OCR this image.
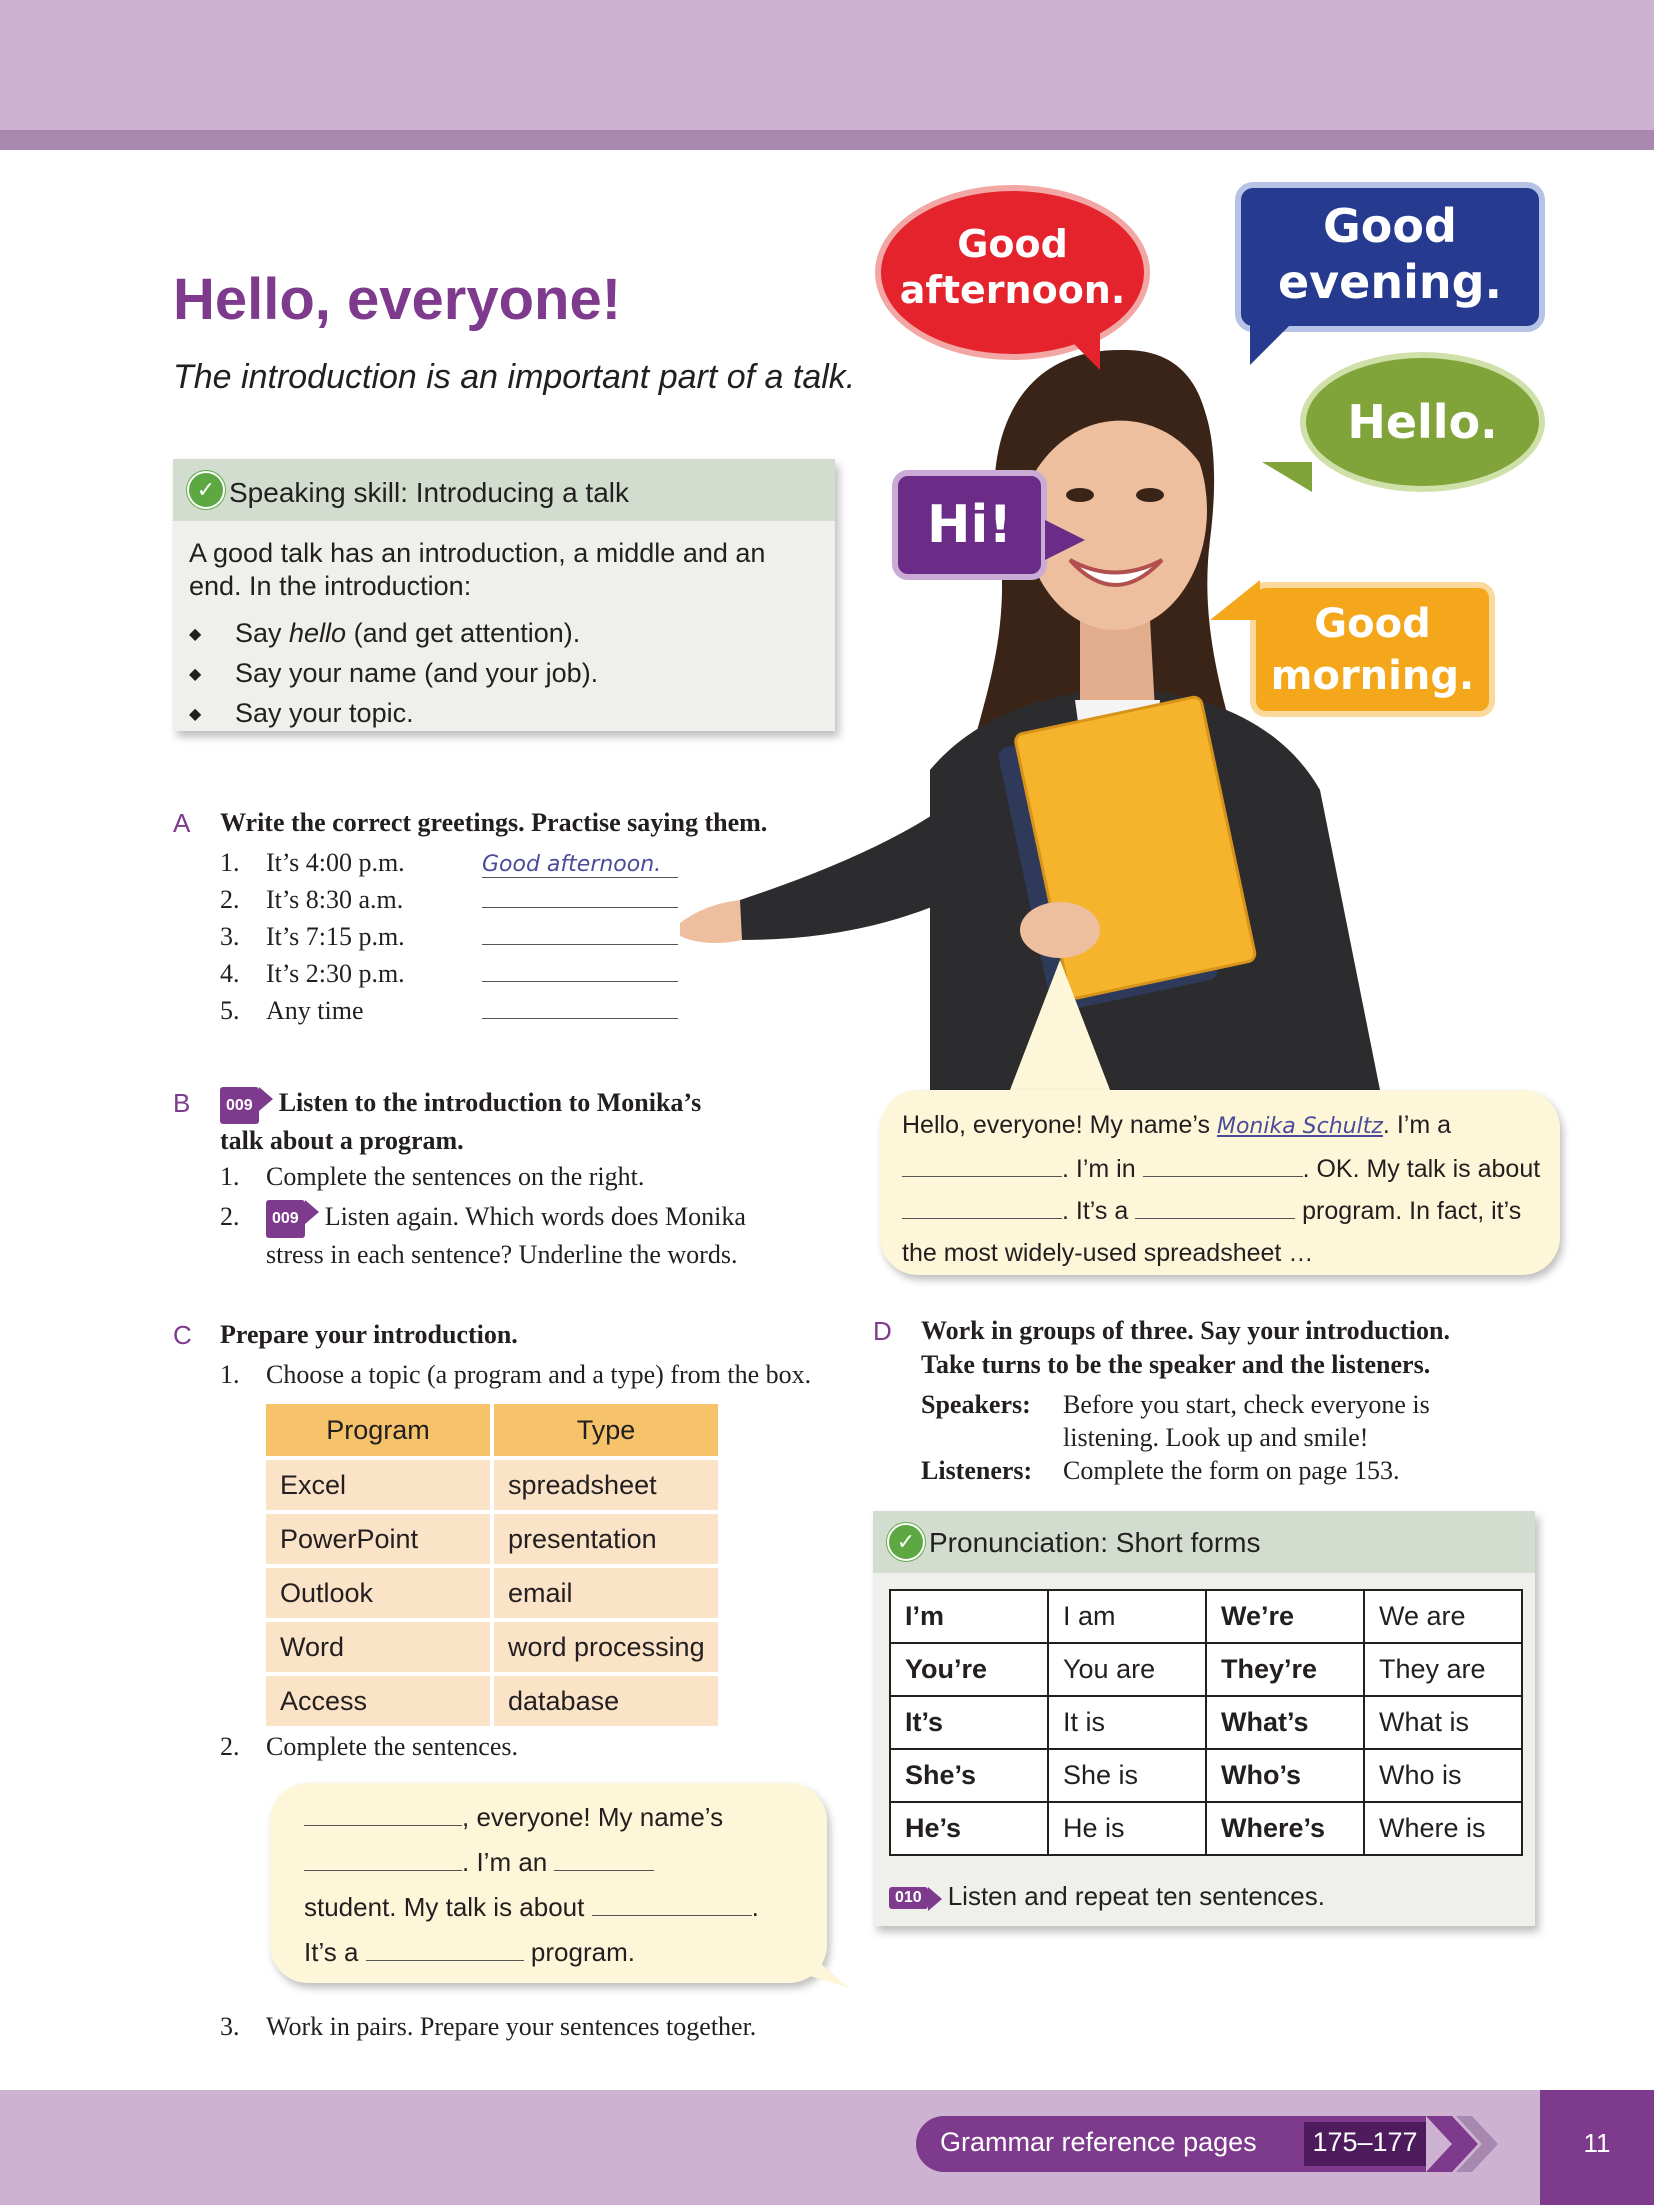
Hello, everyone!
The introduction is an important part of a talk.
✓ Speaking skill: Introducing a talk
A good talk has an introduction, a middle and an end. In the introduction:
◆ Say hello (and get attention).
◆ Say your name (and your job).
◆ Say your topic.
Good afternoon.
Good evening.
Hello.
Hi!
Good morning.
A Write the correct greetings. Practise saying them.
1. It’s 4:00 p.m.	Good afternoon.
2. It’s 8:30 a.m.
3. It’s 7:15 p.m.
4. It’s 2:30 p.m.
5. Any time
B	009 Listen to the introduction to Monika’s
talk about a program.
1. Complete the sentences on the right.
2. 009 Listen again. Which words does Monika
stress in each sentence? Underline the words.
Hello, everyone! My name’s Monika Schultz. I’m a
. I’m in	. OK. My talk is about
. It’s a	program. In fact, it’s
the most widely-used spreadsheet …
C Prepare your introduction.
1. Choose a topic (a program and a type) from the box.
Program	Type
Excel	spreadsheet
PowerPoint	presentation
Outlook	email
Word	word processing
Access	database
2. Complete the sentences.
, everyone! My name’s
. I’m an
student. My talk is about	.
It’s a	program.
3. Work in pairs. Prepare your sentences together.
D Work in groups of three. Say your introduction.
Take turns to be the speaker and the listeners.
Speakers: Before you start, check everyone is
listening. Look up and smile!
Listeners: Complete the form on page 153.
✓ Pronunciation: Short forms
I’m	I am	We’re	We are
You’re	You are	They’re	They are
It’s	It is	What’s	What is
She’s	She is	Who’s	Who is
He’s	He is	Where’s	Where is
010 Listen and repeat ten sentences.
11
Grammar reference pages	175–177
